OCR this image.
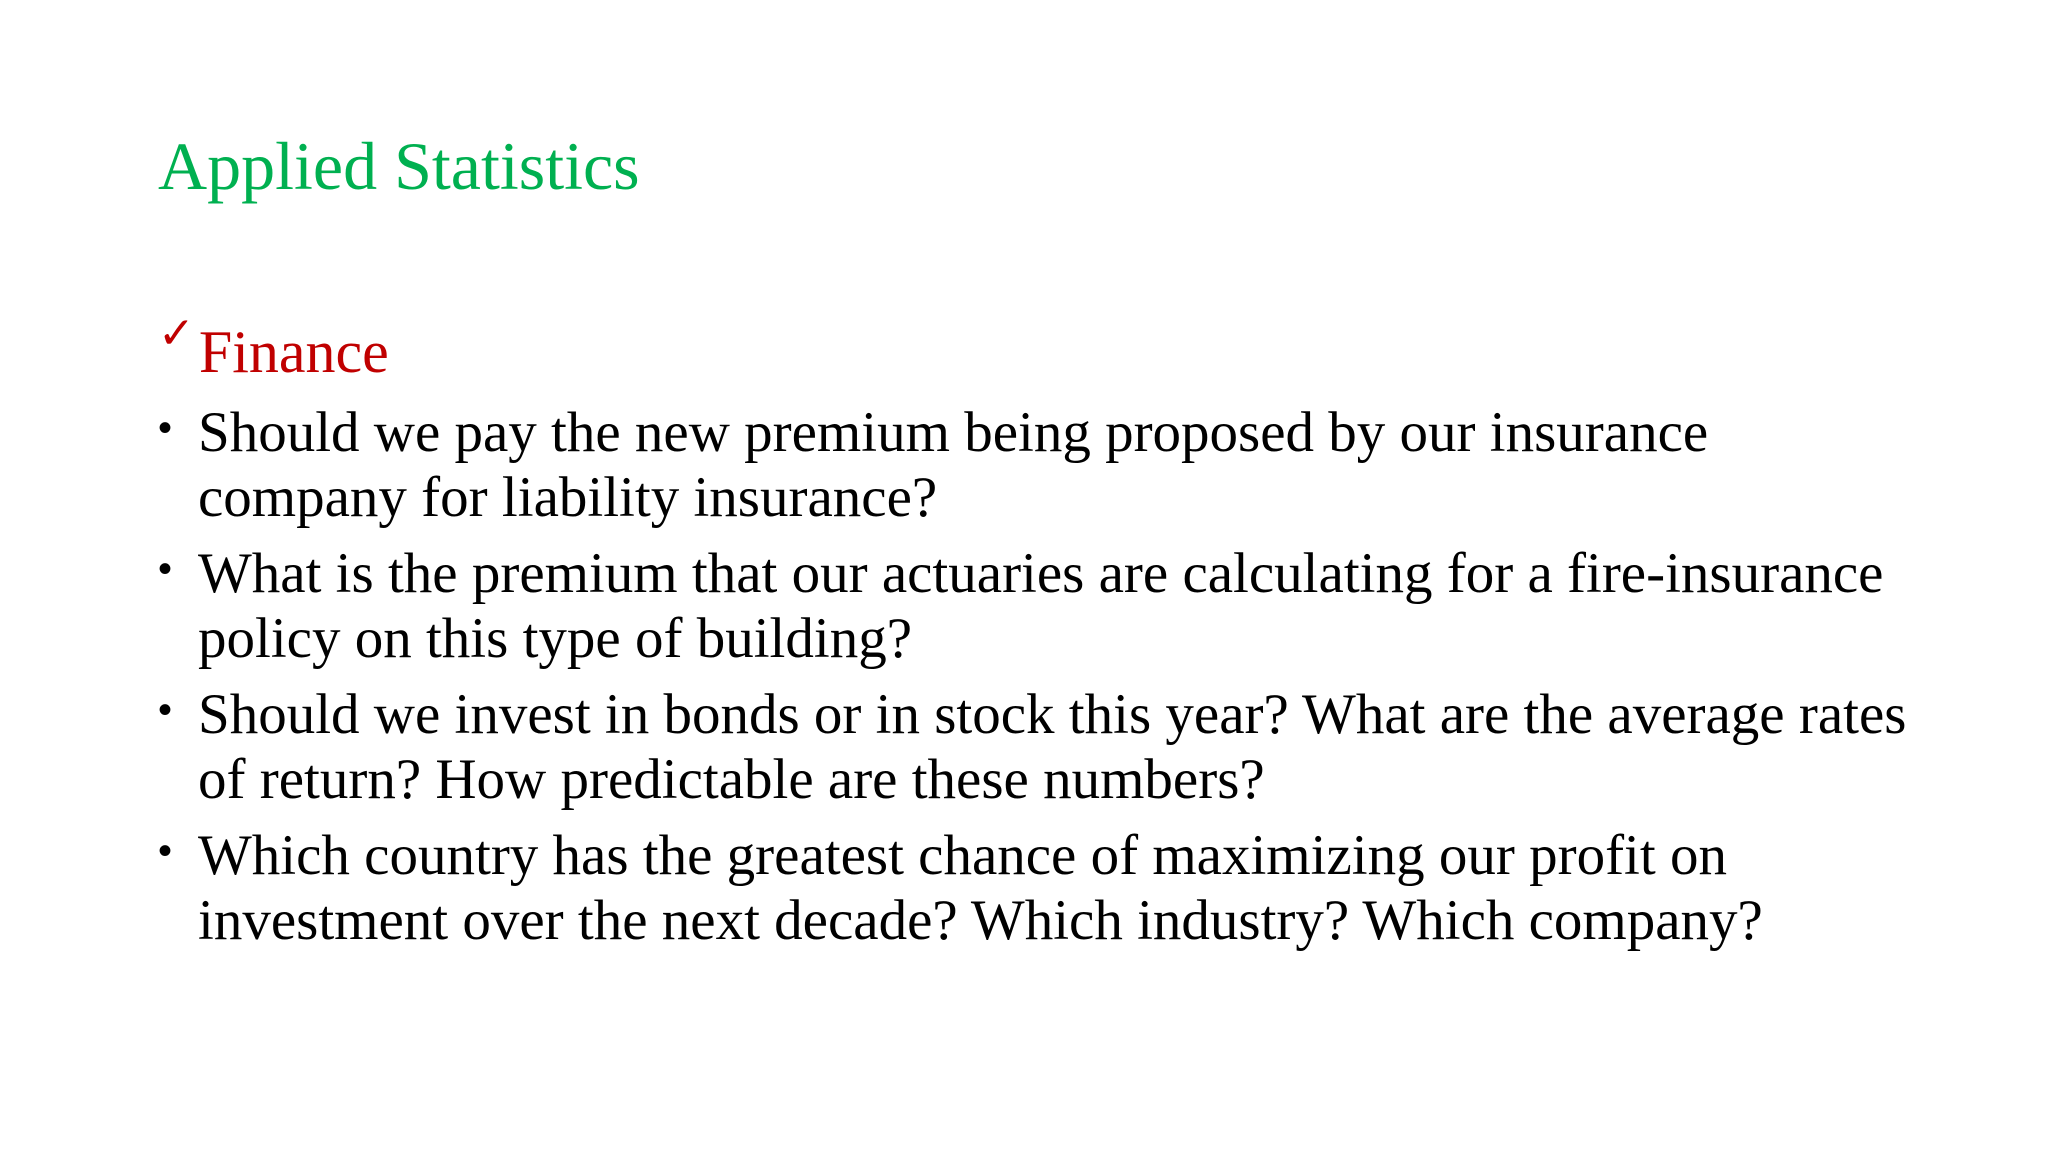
Applied Statistics
✓ Finance
• Should we pay the new premium being proposed by our insurance company for liability insurance?
• What is the premium that our actuaries are calculating for a fire-insurance policy on this type of building?
• Should we invest in bonds or in stock this year? What are the average rates of return? How predictable are these numbers?
• Which country has the greatest chance of maximizing our profit on investment over the next decade? Which industry? Which company?
